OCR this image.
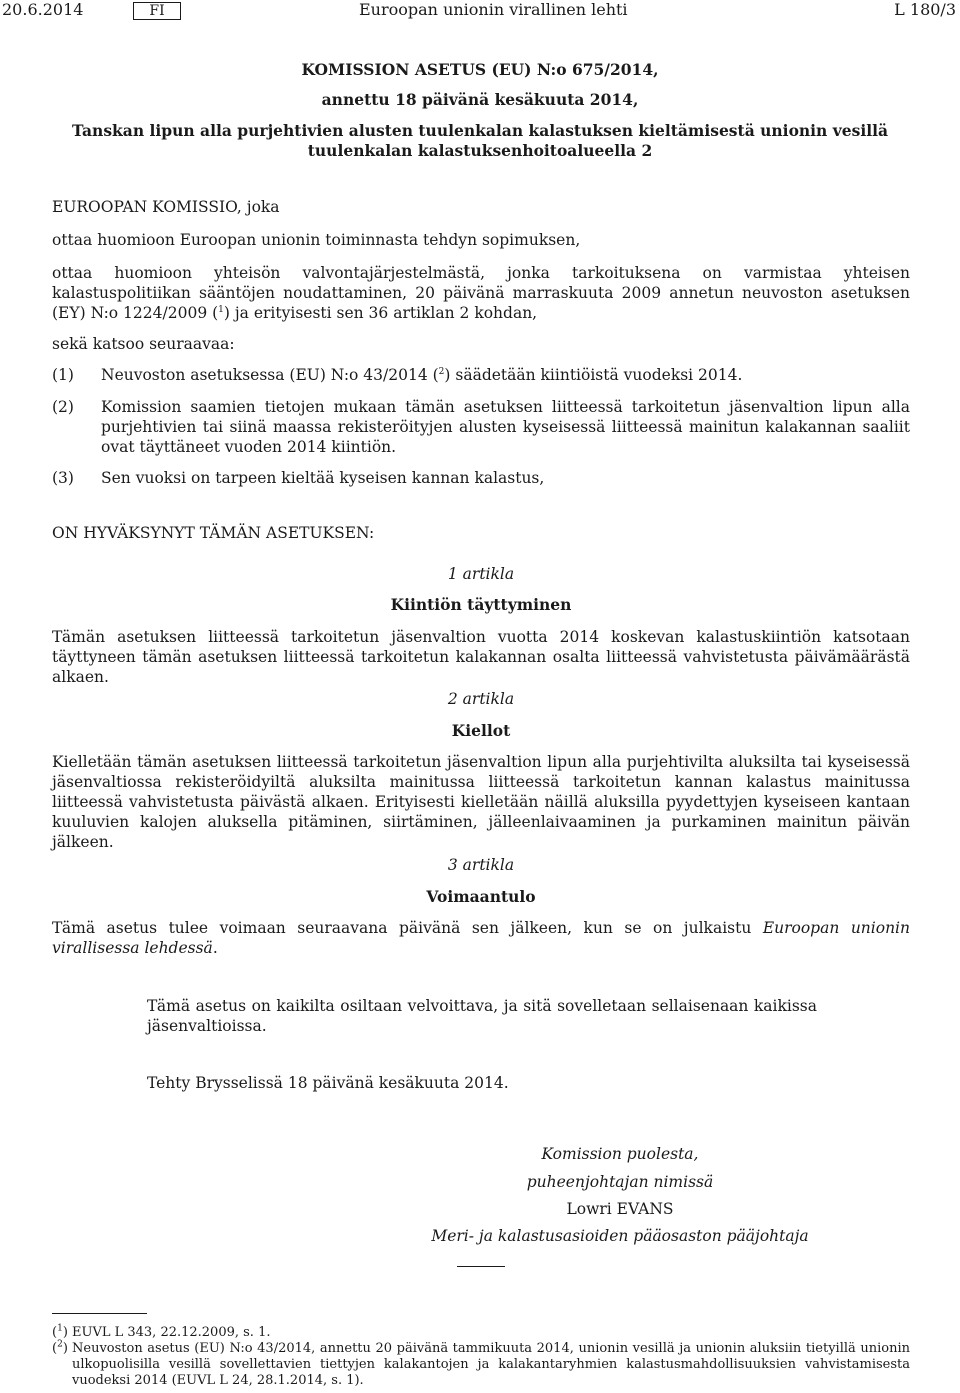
20.6.2014	FI	Euroopan unionin virallinen lehti	L 180/3
KOMISSION ASETUS (EU) N:o 675/2014,
annettu 18 päivänä kesäkuuta 2014,
Tanskan lipun alla purjehtivien alusten tuulenkalan kalastuksen kieltämisestä unionin vesillä
tuulenkalan kalastuksenhoitoalueella 2
EUROOPAN KOMISSIO, joka
ottaa huomioon Euroopan unionin toiminnasta tehdyn sopimuksen,
ottaa huomioon yhteisön valvontajärjestelmästä, jonka tarkoituksena on varmistaa yhteisen kalastuspolitiikan sääntöjen noudattaminen, 20 päivänä marraskuuta 2009 annetun neuvoston asetuksen (EY) N:o 1224/2009 ($^1$) ja erityisesti sen 36 artiklan 2 kohdan,
sekä katsoo seuraavaa:
(1) Neuvoston asetuksessa (EU) N:o 43/2014 ($^2$) säädetään kiintiöistä vuodeksi 2014.
(2) Komission saamien tietojen mukaan tämän asetuksen liitteessä tarkoitetun jäsenvaltion lipun alla purjehtivien tai siinä maassa rekisteröityjen alusten kyseisessä liitteessä mainitun kalakannan saaliit ovat täyttäneet vuoden 2014 kiintiön.
(3) Sen vuoksi on tarpeen kieltää kyseisen kannan kalastus,
ON HYVÄKSYNYT TÄMÄN ASETUKSEN:
1 artikla
Kiintiön täyttyminen
Tämän asetuksen liitteessä tarkoitetun jäsenvaltion vuotta 2014 koskevan kalastuskiintiön katsotaan täyttyneen tämän asetuksen liitteessä tarkoitetun kalakannan osalta liitteessä vahvistetusta päivämäärästä alkaen.
2 artikla
Kiellot
Kielletään tämän asetuksen liitteessä tarkoitetun jäsenvaltion lipun alla purjehtivilta aluksilta tai kyseisessä jäsenvaltiossa rekisteröidyiltä aluksilta mainitussa liitteessä tarkoitetun kannan kalastus mainitussa liitteessä vahvistetusta päivästä alkaen. Erityisesti kielletään näillä aluksilla pyydettyjen kyseiseen kantaan kuuluvien kalojen aluksella pitäminen, siirtäminen, jälleenlaivaaminen ja purkaminen mainitun päivän jälkeen.
3 artikla
Voimaantulo
Tämä asetus tulee voimaan seuraavana päivänä sen jälkeen, kun se on julkaistu Euroopan unionin virallisessa lehdessä.
Tämä asetus on kaikilta osiltaan velvoittava, ja sitä sovelletaan sellaisenaan kaikissa jäsenvaltioissa.
Tehty Brysselissä 18 päivänä kesäkuuta 2014.
Komission puolesta,
puheenjohtajan nimissä
Lowri EVANS
Meri- ja kalastusasioiden pääosaston pääjohtaja
($^1$) EUVL L 343, 22.12.2009, s. 1.
($^2$) Neuvoston asetus (EU) N:o 43/2014, annettu 20 päivänä tammikuuta 2014, unionin vesillä ja unionin aluksiin tietyillä unionin ulkopuolisilla vesillä sovellettavien tiettyjen kalakantojen ja kalakantaryhmien kalastusmahdollisuuksien vahvistamisesta vuodeksi 2014 (EUVL L 24, 28.1.2014, s. 1).
